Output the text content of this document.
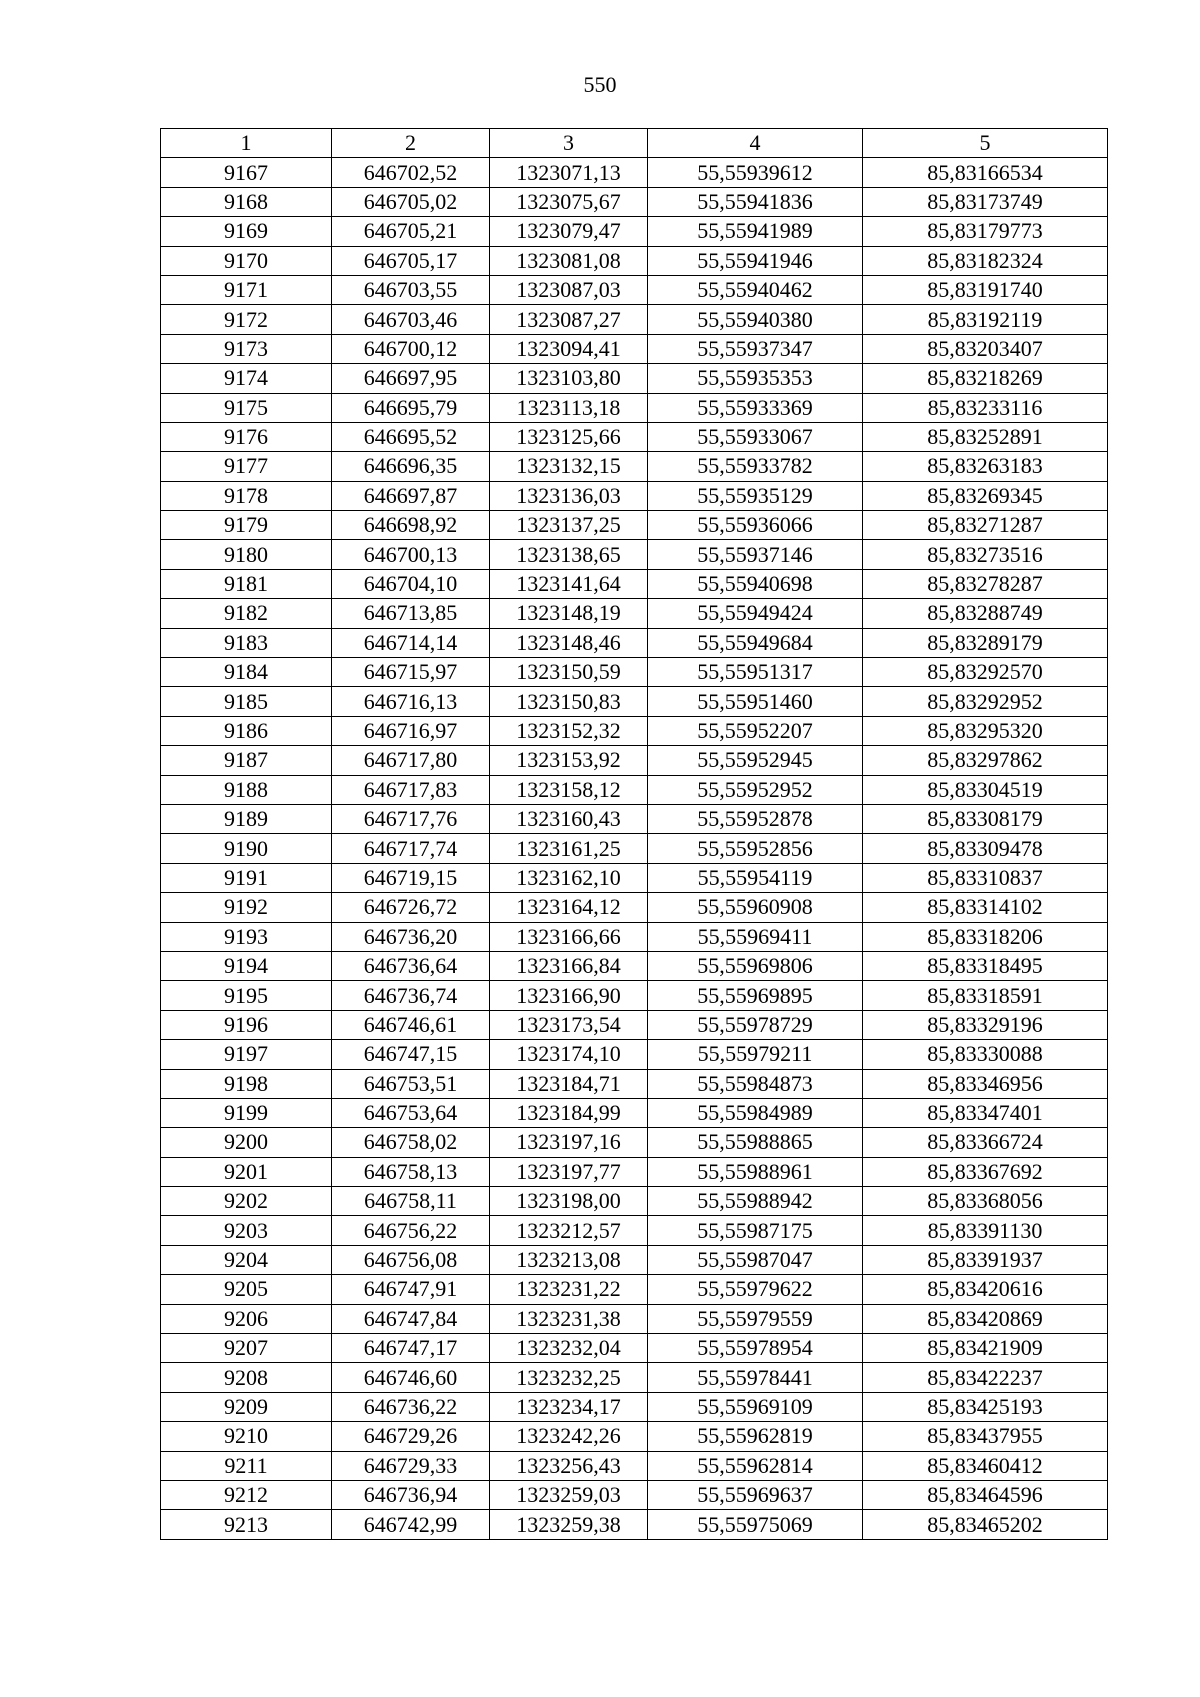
550
1	2	3	4	5
9167	646702,52	1323071,13	55,55939612	85,83166534
9168	646705,02	1323075,67	55,55941836	85,83173749
9169	646705,21	1323079,47	55,55941989	85,83179773
9170	646705,17	1323081,08	55,55941946	85,83182324
9171	646703,55	1323087,03	55,55940462	85,83191740
9172	646703,46	1323087,27	55,55940380	85,83192119
9173	646700,12	1323094,41	55,55937347	85,83203407
9174	646697,95	1323103,80	55,55935353	85,83218269
9175	646695,79	1323113,18	55,55933369	85,83233116
9176	646695,52	1323125,66	55,55933067	85,83252891
9177	646696,35	1323132,15	55,55933782	85,83263183
9178	646697,87	1323136,03	55,55935129	85,83269345
9179	646698,92	1323137,25	55,55936066	85,83271287
9180	646700,13	1323138,65	55,55937146	85,83273516
9181	646704,10	1323141,64	55,55940698	85,83278287
9182	646713,85	1323148,19	55,55949424	85,83288749
9183	646714,14	1323148,46	55,55949684	85,83289179
9184	646715,97	1323150,59	55,55951317	85,83292570
9185	646716,13	1323150,83	55,55951460	85,83292952
9186	646716,97	1323152,32	55,55952207	85,83295320
9187	646717,80	1323153,92	55,55952945	85,83297862
9188	646717,83	1323158,12	55,55952952	85,83304519
9189	646717,76	1323160,43	55,55952878	85,83308179
9190	646717,74	1323161,25	55,55952856	85,83309478
9191	646719,15	1323162,10	55,55954119	85,83310837
9192	646726,72	1323164,12	55,55960908	85,83314102
9193	646736,20	1323166,66	55,55969411	85,83318206
9194	646736,64	1323166,84	55,55969806	85,83318495
9195	646736,74	1323166,90	55,55969895	85,83318591
9196	646746,61	1323173,54	55,55978729	85,83329196
9197	646747,15	1323174,10	55,55979211	85,83330088
9198	646753,51	1323184,71	55,55984873	85,83346956
9199	646753,64	1323184,99	55,55984989	85,83347401
9200	646758,02	1323197,16	55,55988865	85,83366724
9201	646758,13	1323197,77	55,55988961	85,83367692
9202	646758,11	1323198,00	55,55988942	85,83368056
9203	646756,22	1323212,57	55,55987175	85,83391130
9204	646756,08	1323213,08	55,55987047	85,83391937
9205	646747,91	1323231,22	55,55979622	85,83420616
9206	646747,84	1323231,38	55,55979559	85,83420869
9207	646747,17	1323232,04	55,55978954	85,83421909
9208	646746,60	1323232,25	55,55978441	85,83422237
9209	646736,22	1323234,17	55,55969109	85,83425193
9210	646729,26	1323242,26	55,55962819	85,83437955
9211	646729,33	1323256,43	55,55962814	85,83460412
9212	646736,94	1323259,03	55,55969637	85,83464596
9213	646742,99	1323259,38	55,55975069	85,83465202
